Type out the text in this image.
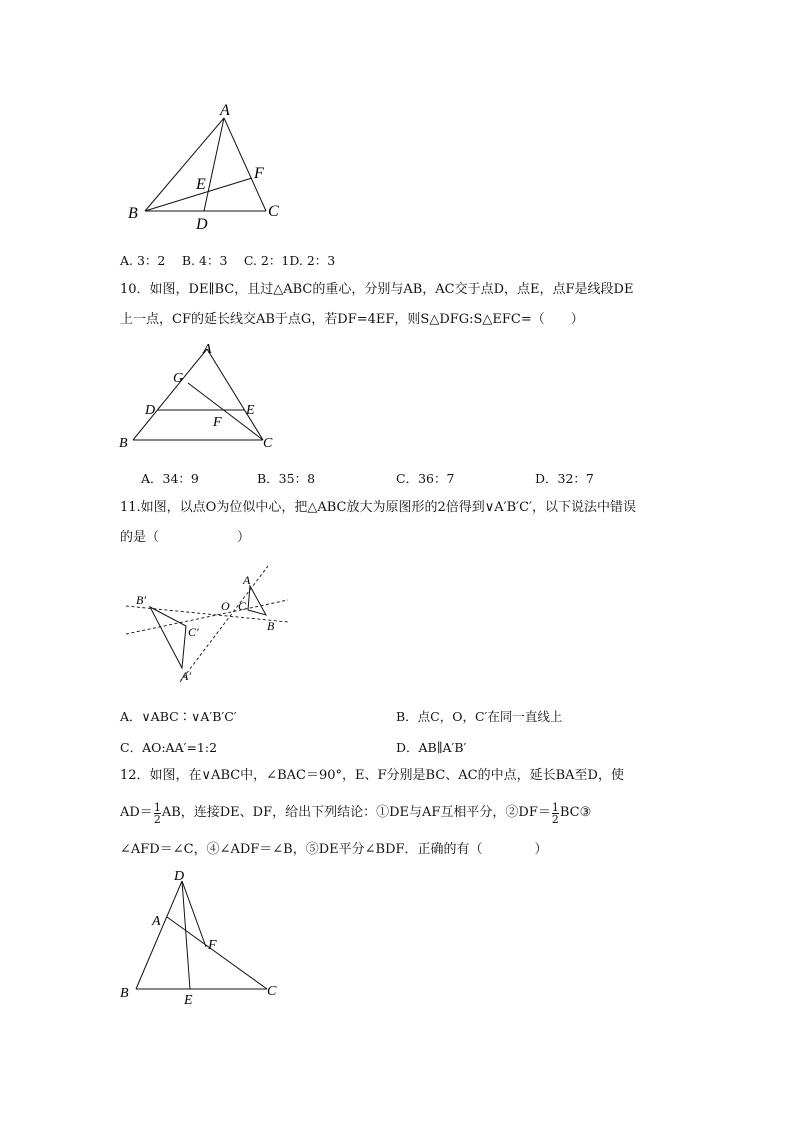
A
B	C
D
E
F
A. 3：2　 B. 4：3　 C. 2：1D. 2：3
10．如图，DE∥BC，且过△ABC的重心，分别与AB，AC交于点D，点E，点F是线段DE
上一点，CF的延长线交AB于点G，若DF=4EF，则S△DFG:S△EFC=（　　）
A
G
D	E
F
B	C
A．34：9	B．35：8	C．36：7	D．32：7
11.如图，以点O为位似中心，把△ABC放大为原图形的2倍得到∨A′B′C′，以下说法中错误
的是（　　　　　　）
A
C
B
O
B′
C′
A′
A．∨ABC∶∨A′B′C′	B．点C，O，C′在同一直线上
C．AO:AA′=1:2	D．AB∥A′B′
12．如图，在∨ABC中，∠BAC＝90°，E、F分别是BC、AC的中点，延长BA至D，使
$AD= \frac{1}{2}$ AB，连接DE、DF，给出下列结论：①DE与AF互相平分，②DF＝ $\frac{1}{2}$ BC③
∠AFD＝∠C，④∠ADF＝∠B，⑤DE平分∠BDF．正确的有（　　　　）
D
A
F
B	E
C
